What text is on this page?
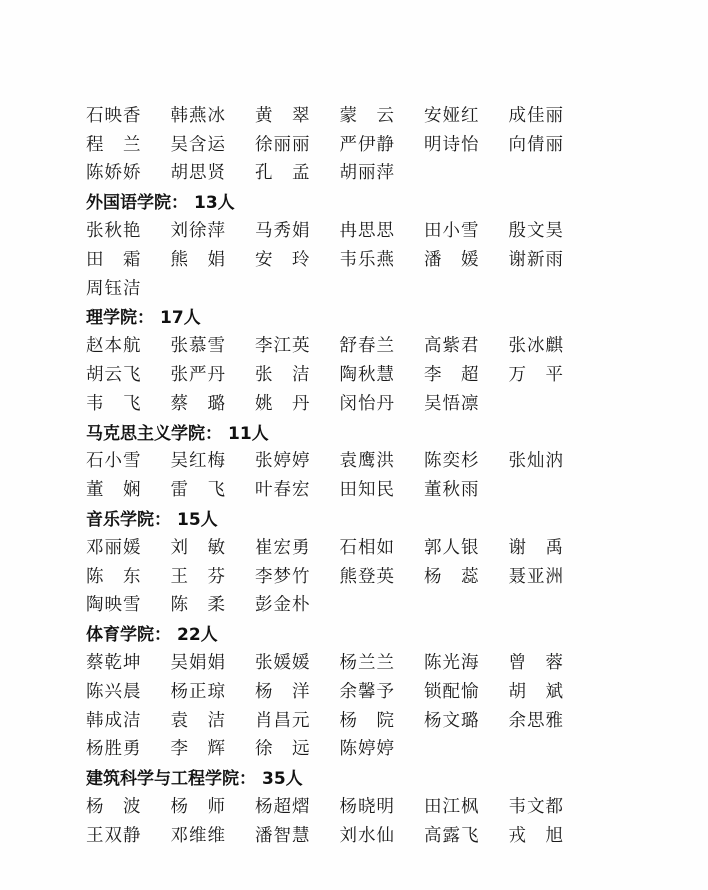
石映香	韩燕冰	黄　翠	蒙　云	安娅红	成佳丽
程　兰	吴含运	徐丽丽	严伊静	明诗怡	向倩丽
陈娇娇	胡思贤	孔　孟	胡丽萍
外国语学院 ： 13人
张秋艳	刘徐萍	马秀娟	冉思思	田小雪	殷文昊
田　霜	熊　娟	安　玲	韦乐燕	潘　媛	谢新雨
周钰洁
理学院 ： 17人
赵本航	张慕雪	李江英	舒春兰	高紫君	张冰麒
胡云飞	张严丹	张　洁	陶秋慧	李　超	万　平
韦　飞	蔡　璐	姚　丹	闵怡丹	吴悟凛
马克思主义学院 ： 11人
石小雪	吴红梅	张婷婷	袁鹰洪	陈奕杉	张灿汭
董　娴	雷　飞	叶春宏	田知民	董秋雨
音乐学院 ： 15人
邓丽媛	刘　敏	崔宏勇	石相如	郭人银	谢　禹
陈　东	王　芬	李梦竹	熊登英	杨　蕊	聂亚洲
陶映雪	陈　柔	彭金朴
体育学院 ： 22人
蔡乾坤	吴娟娟	张媛媛	杨兰兰	陈光海	曾　蓉
陈兴晨	杨正琼	杨　洋	余馨予	锁配愉	胡　斌
韩成洁	袁　洁	肖昌元	杨　院	杨文璐	余思雅
杨胜勇	李　辉	徐　远	陈婷婷
建筑科学与工程学院 ： 35人
杨　波	杨　师	杨超熠	杨晓明	田江枫	韦文都
王双静	邓维维	潘智慧	刘水仙	高露飞	戎　旭
